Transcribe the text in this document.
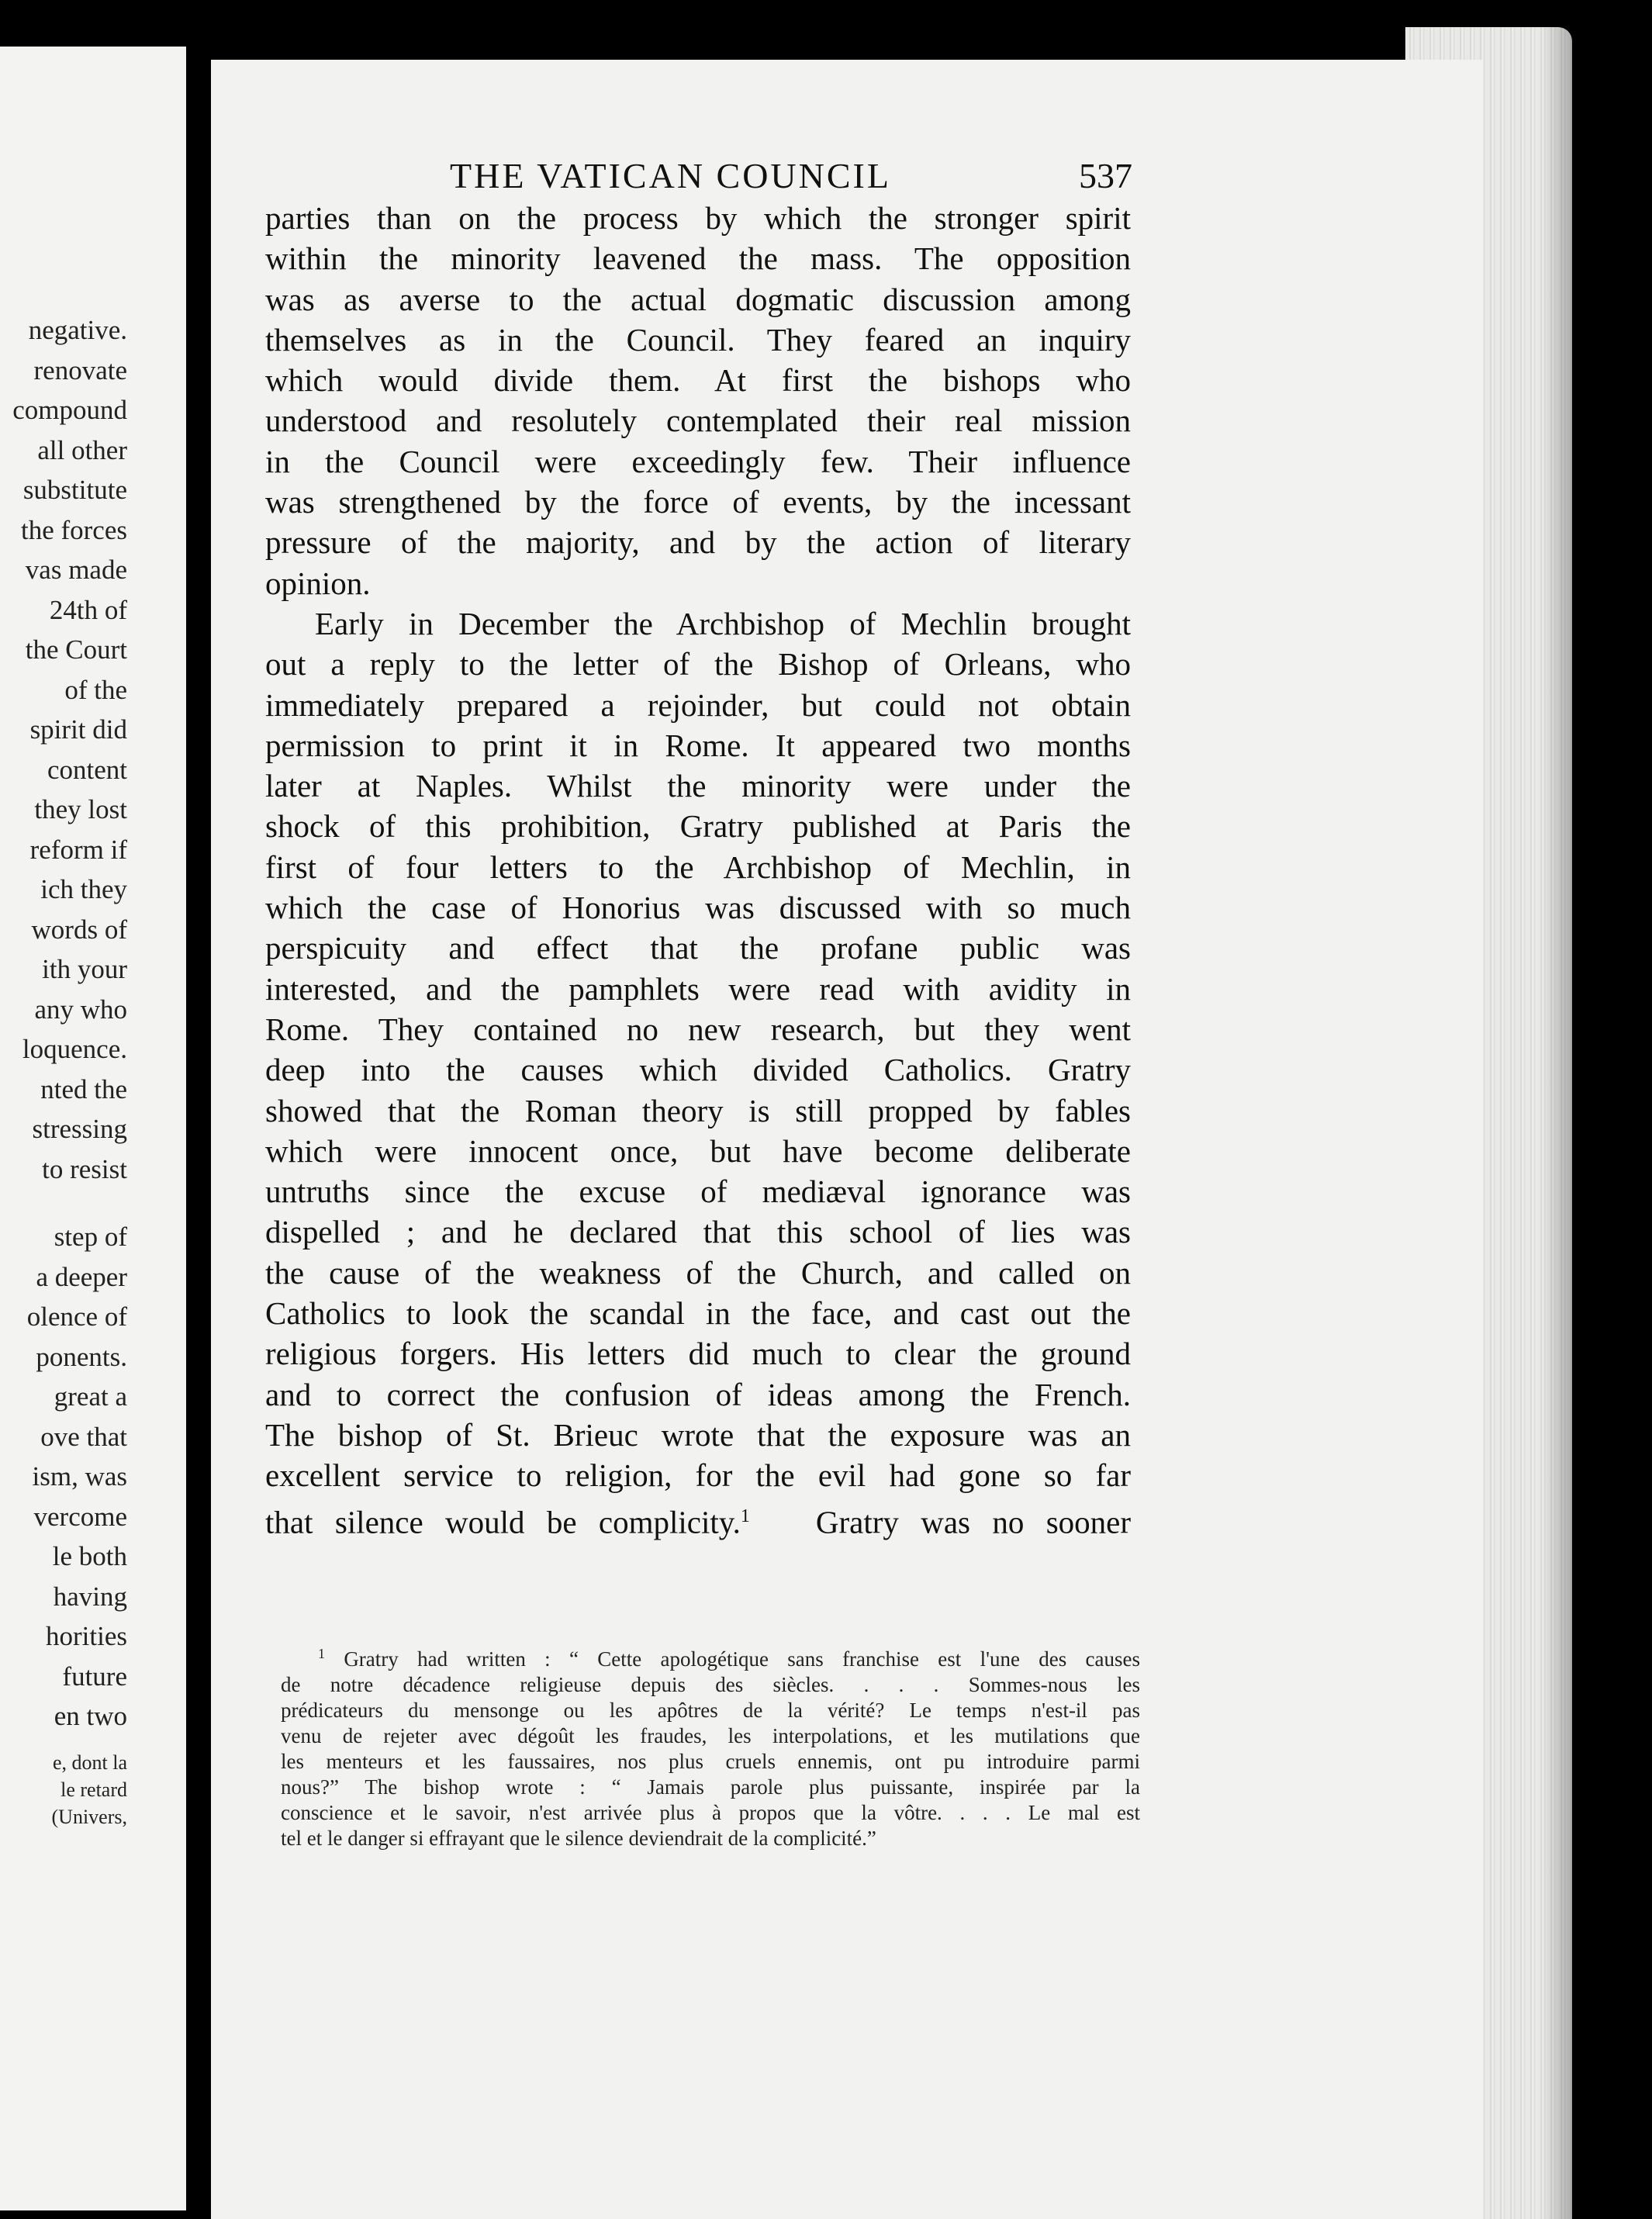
negative.
renovate
compound
all other
substitute
the forces
vas made
24th of
the Court
of the
spirit did
content
they lost
reform if
ich they
words of
ith your
any who
loquence.
nted the
stressing
to resist
step of
a deeper
olence of
ponents.
great a
ove that
ism, was
vercome
le both
having
horities
future
en two
e, dont la
le retard
(Univers,
THE VATICAN COUNCIL	537
parties than on the process by which the stronger spirit
within the minority leavened the mass. The opposition
was as averse to the actual dogmatic discussion among
themselves as in the Council. They feared an inquiry
which would divide them. At first the bishops who
understood and resolutely contemplated their real mission
in the Council were exceedingly few. Their influence
was strengthened by the force of events, by the incessant
pressure of the majority, and by the action of literary
opinion.
Early in December the Archbishop of Mechlin brought
out a reply to the letter of the Bishop of Orleans, who
immediately prepared a rejoinder, but could not obtain
permission to print it in Rome. It appeared two months
later at Naples. Whilst the minority were under the
shock of this prohibition, Gratry published at Paris the
first of four letters to the Archbishop of Mechlin, in
which the case of Honorius was discussed with so much
perspicuity and effect that the profane public was
interested, and the pamphlets were read with avidity in
Rome. They contained no new research, but they went
deep into the causes which divided Catholics. Gratry
showed that the Roman theory is still propped by fables
which were innocent once, but have become deliberate
untruths since the excuse of mediæval ignorance was
dispelled ; and he declared that this school of lies was
the cause of the weakness of the Church, and called on
Catholics to look the scandal in the face, and cast out the
religious forgers. His letters did much to clear the ground
and to correct the confusion of ideas among the French.
The bishop of St. Brieuc wrote that the exposure was an
excellent service to religion, for the evil had gone so far
that silence would be complicity.$^1$ Gratry was no sooner
$^1$ Gratry had written : “ Cette apologétique sans franchise est l'une des causes
de notre décadence religieuse depuis des siècles. . . . Sommes-nous les
prédicateurs du mensonge ou les apôtres de la vérité? Le temps n'est-il pas
venu de rejeter avec dégoût les fraudes, les interpolations, et les mutilations que
les menteurs et les faussaires, nos plus cruels ennemis, ont pu introduire parmi
nous?” The bishop wrote : “ Jamais parole plus puissante, inspirée par la
conscience et le savoir, n'est arrivée plus à propos que la vôtre. . . . Le mal est
tel et le danger si effrayant que le silence deviendrait de la complicité.”
